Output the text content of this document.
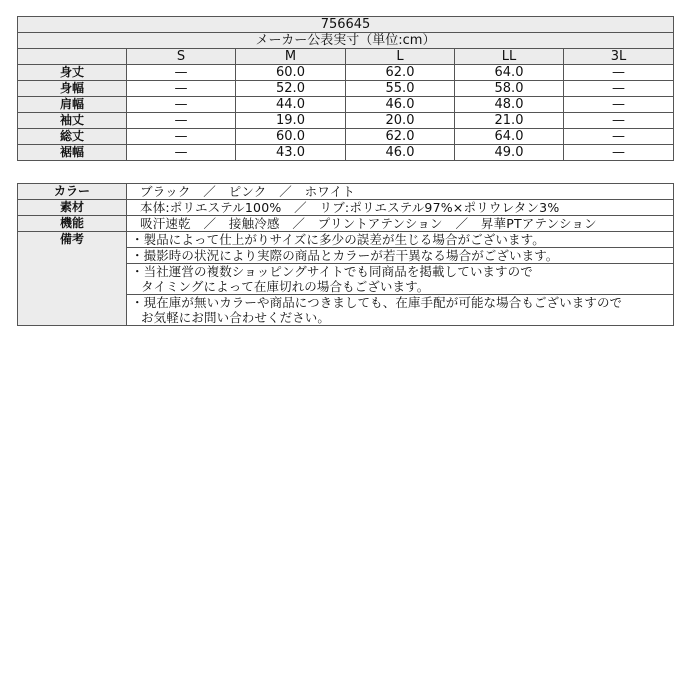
756645					
メーカー公表実寸（単位:cm）					
	S	M	L	LL	3L
身丈	—	60.0	62.0	64.0	—
身幅	—	52.0	55.0	58.0	—
肩幅	—	44.0	46.0	48.0	—
袖丈	—	19.0	20.0	21.0	—
総丈	—	60.0	62.0	64.0	—
裾幅	—	43.0	46.0	49.0	—
カラー	ブラック　／　ピンク　／　ホワイト
素材	本体:ポリエステル100%　／　リブ:ポリエステル97%×ポリウレタン3%
機能	吸汗速乾　／　接触冷感　／　プリントアテンション　／　昇華PTアテンション
備考	・製品によって仕上がりサイズに多少の誤差が生じる場合がございます。

	・撮影時の状況により実際の商品とカラーが若干異なる場合がございます。

	・当社運営の複数ショッピングサイトでも同商品を掲載していますので
タイミングによって在庫切れの場合もございます。

	・現在庫が無いカラーや商品につきましても、在庫手配が可能な場合もございますので
お気軽にお問い合わせください。
